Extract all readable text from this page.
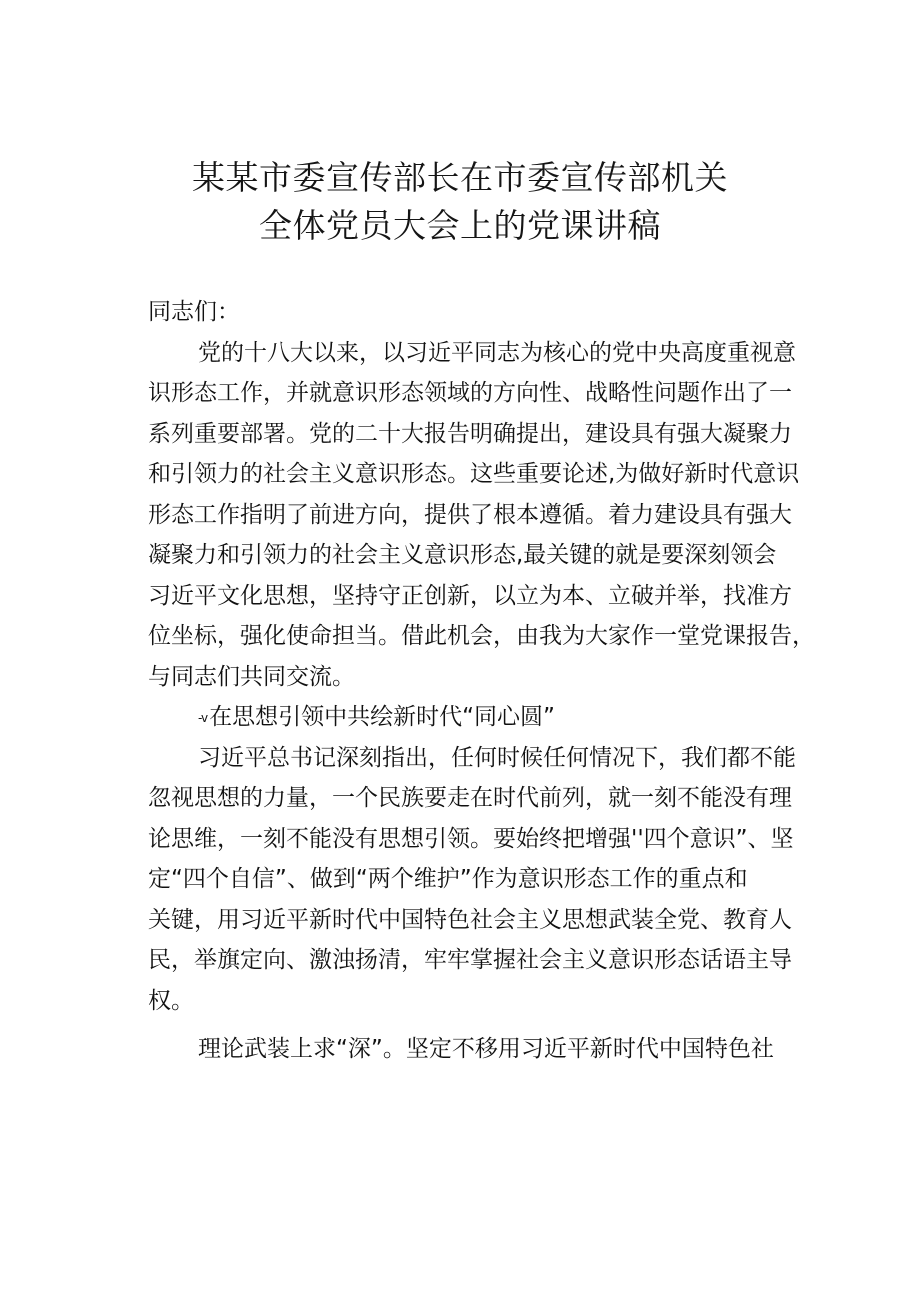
某某市委宣传部长在市委宣传部机关
全体党员大会上的党课讲稿
同志们：
党的十八大以来，以习近平同志为核心的党中央高度重视意
识形态工作，并就意识形态领域的方向性、战略性问题作出了一
系列重要部署。党的二十大报告明确提出，建设具有强大凝聚力
和引领力的社会主义意识形态。这些重要论述,为做好新时代意识
形态工作指明了前进方向，提供了根本遵循。着力建设具有强大
凝聚力和引领力的社会主义意识形态,最关键的就是要深刻领会
习近平文化思想，坚持守正创新，以立为本、立破并举，找准方
位坐标，强化使命担当。借此机会，由我为大家作一堂党课报告，
与同志们共同交流。
-v在思想引领中共绘新时代“同心圆”
习近平总书记深刻指出，任何时候任何情况下，我们都不能
忽视思想的力量，一个民族要走在时代前列，就一刻不能没有理
论思维，一刻不能没有思想引领。要始终把增强''四个意识”、坚
定“四个自信”、做到“两个维护”作为意识形态工作的重点和
关键，用习近平新时代中国特色社会主义思想武装全党、教育人
民，举旗定向、激浊扬清，牢牢掌握社会主义意识形态话语主导
权。
理论武装上求“深”。坚定不移用习近平新时代中国特色社
